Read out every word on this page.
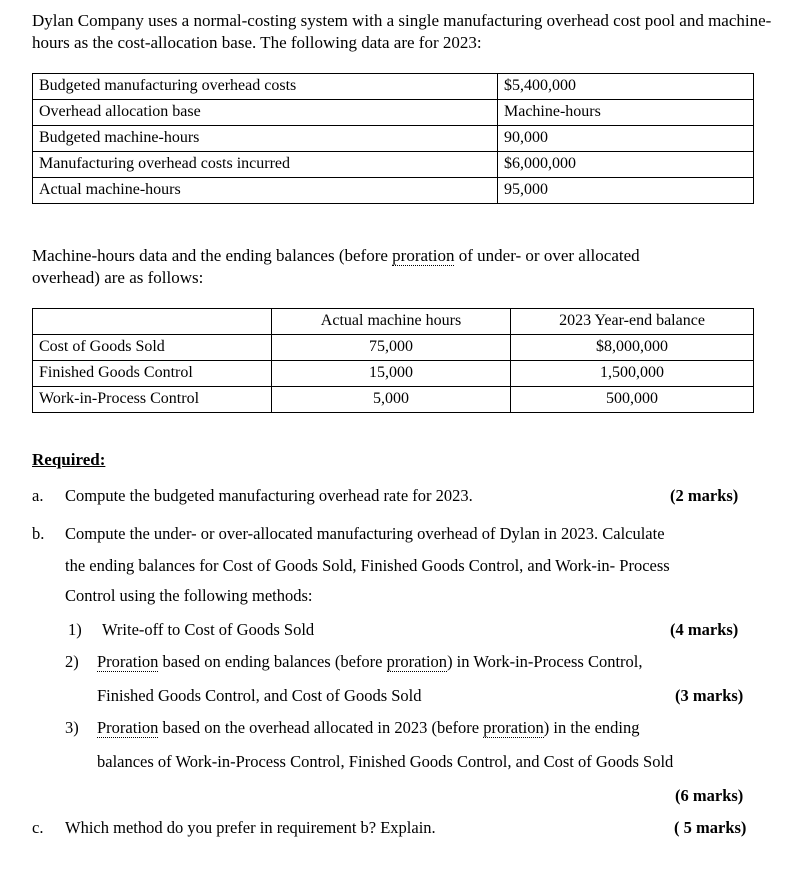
Dylan Company uses a normal-costing system with a single manufacturing overhead cost pool and machine-hours as the cost-allocation base. The following data are for 2023:
Budgeted manufacturing overhead costs	$5,400,000
Overhead allocation base	Machine-hours
Budgeted machine-hours	90,000
Manufacturing overhead costs incurred	$6,000,000
Actual machine-hours	95,000
Machine-hours data and the ending balances (before proration of under- or over allocated
overhead) are as follows:
	Actual machine hours	2023 Year-end balance
Cost of Goods Sold	75,000	$8,000,000
Finished Goods Control	15,000	1,500,000
Work-in-Process Control	5,000	500,000
Required:
a. Compute the budgeted manufacturing overhead rate for 2023.	(2 marks)
b. Compute the under- or over-allocated manufacturing overhead of Dylan in 2023. Calculate
the ending balances for Cost of Goods Sold, Finished Goods Control, and Work-in- Process
Control using the following methods:
1) Write-off to Cost of Goods Sold	(4 marks)
2) Proration based on ending balances (before proration) in Work-in-Process Control,
Finished Goods Control, and Cost of Goods Sold	(3 marks)
3) Proration based on the overhead allocated in 2023 (before proration) in the ending
balances of Work-in-Process Control, Finished Goods Control, and Cost of Goods Sold
(6 marks)
c. Which method do you prefer in requirement b? Explain.	( 5 marks)
